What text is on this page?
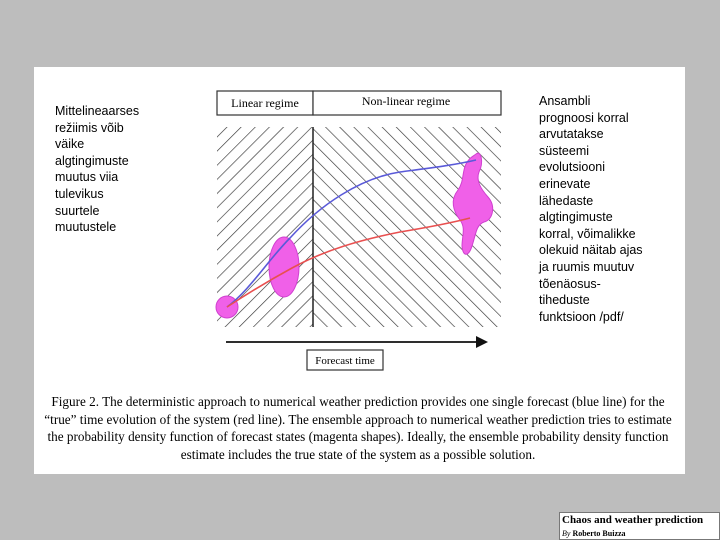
Mittelineaarses
režiimis võib
väike
algtingimuste
muutus viia
tulevikus
suurtele
muutustele
Ansambli
prognoosi korral
arvutatakse
süsteemi
evolutsiooni
erinevate
lähedaste
algtingimuste
korral, võimalikke
olekuid näitab ajas
ja ruumis muutuv
tõenäosus-
tiheduste
funktsioon /pdf/
Linear regime	Non-linear regime
Forecast time
Figure 2. The deterministic approach to numerical weather prediction provides one single forecast (blue line) for the “true” time evolution of the system (red line). The ensemble approach to numerical weather prediction tries to estimate the probability density function of forecast states (magenta shapes). Ideally, the ensemble probability density function estimate includes the true state of the system as a possible solution.
Chaos and weather prediction
By Roberto Buizza
